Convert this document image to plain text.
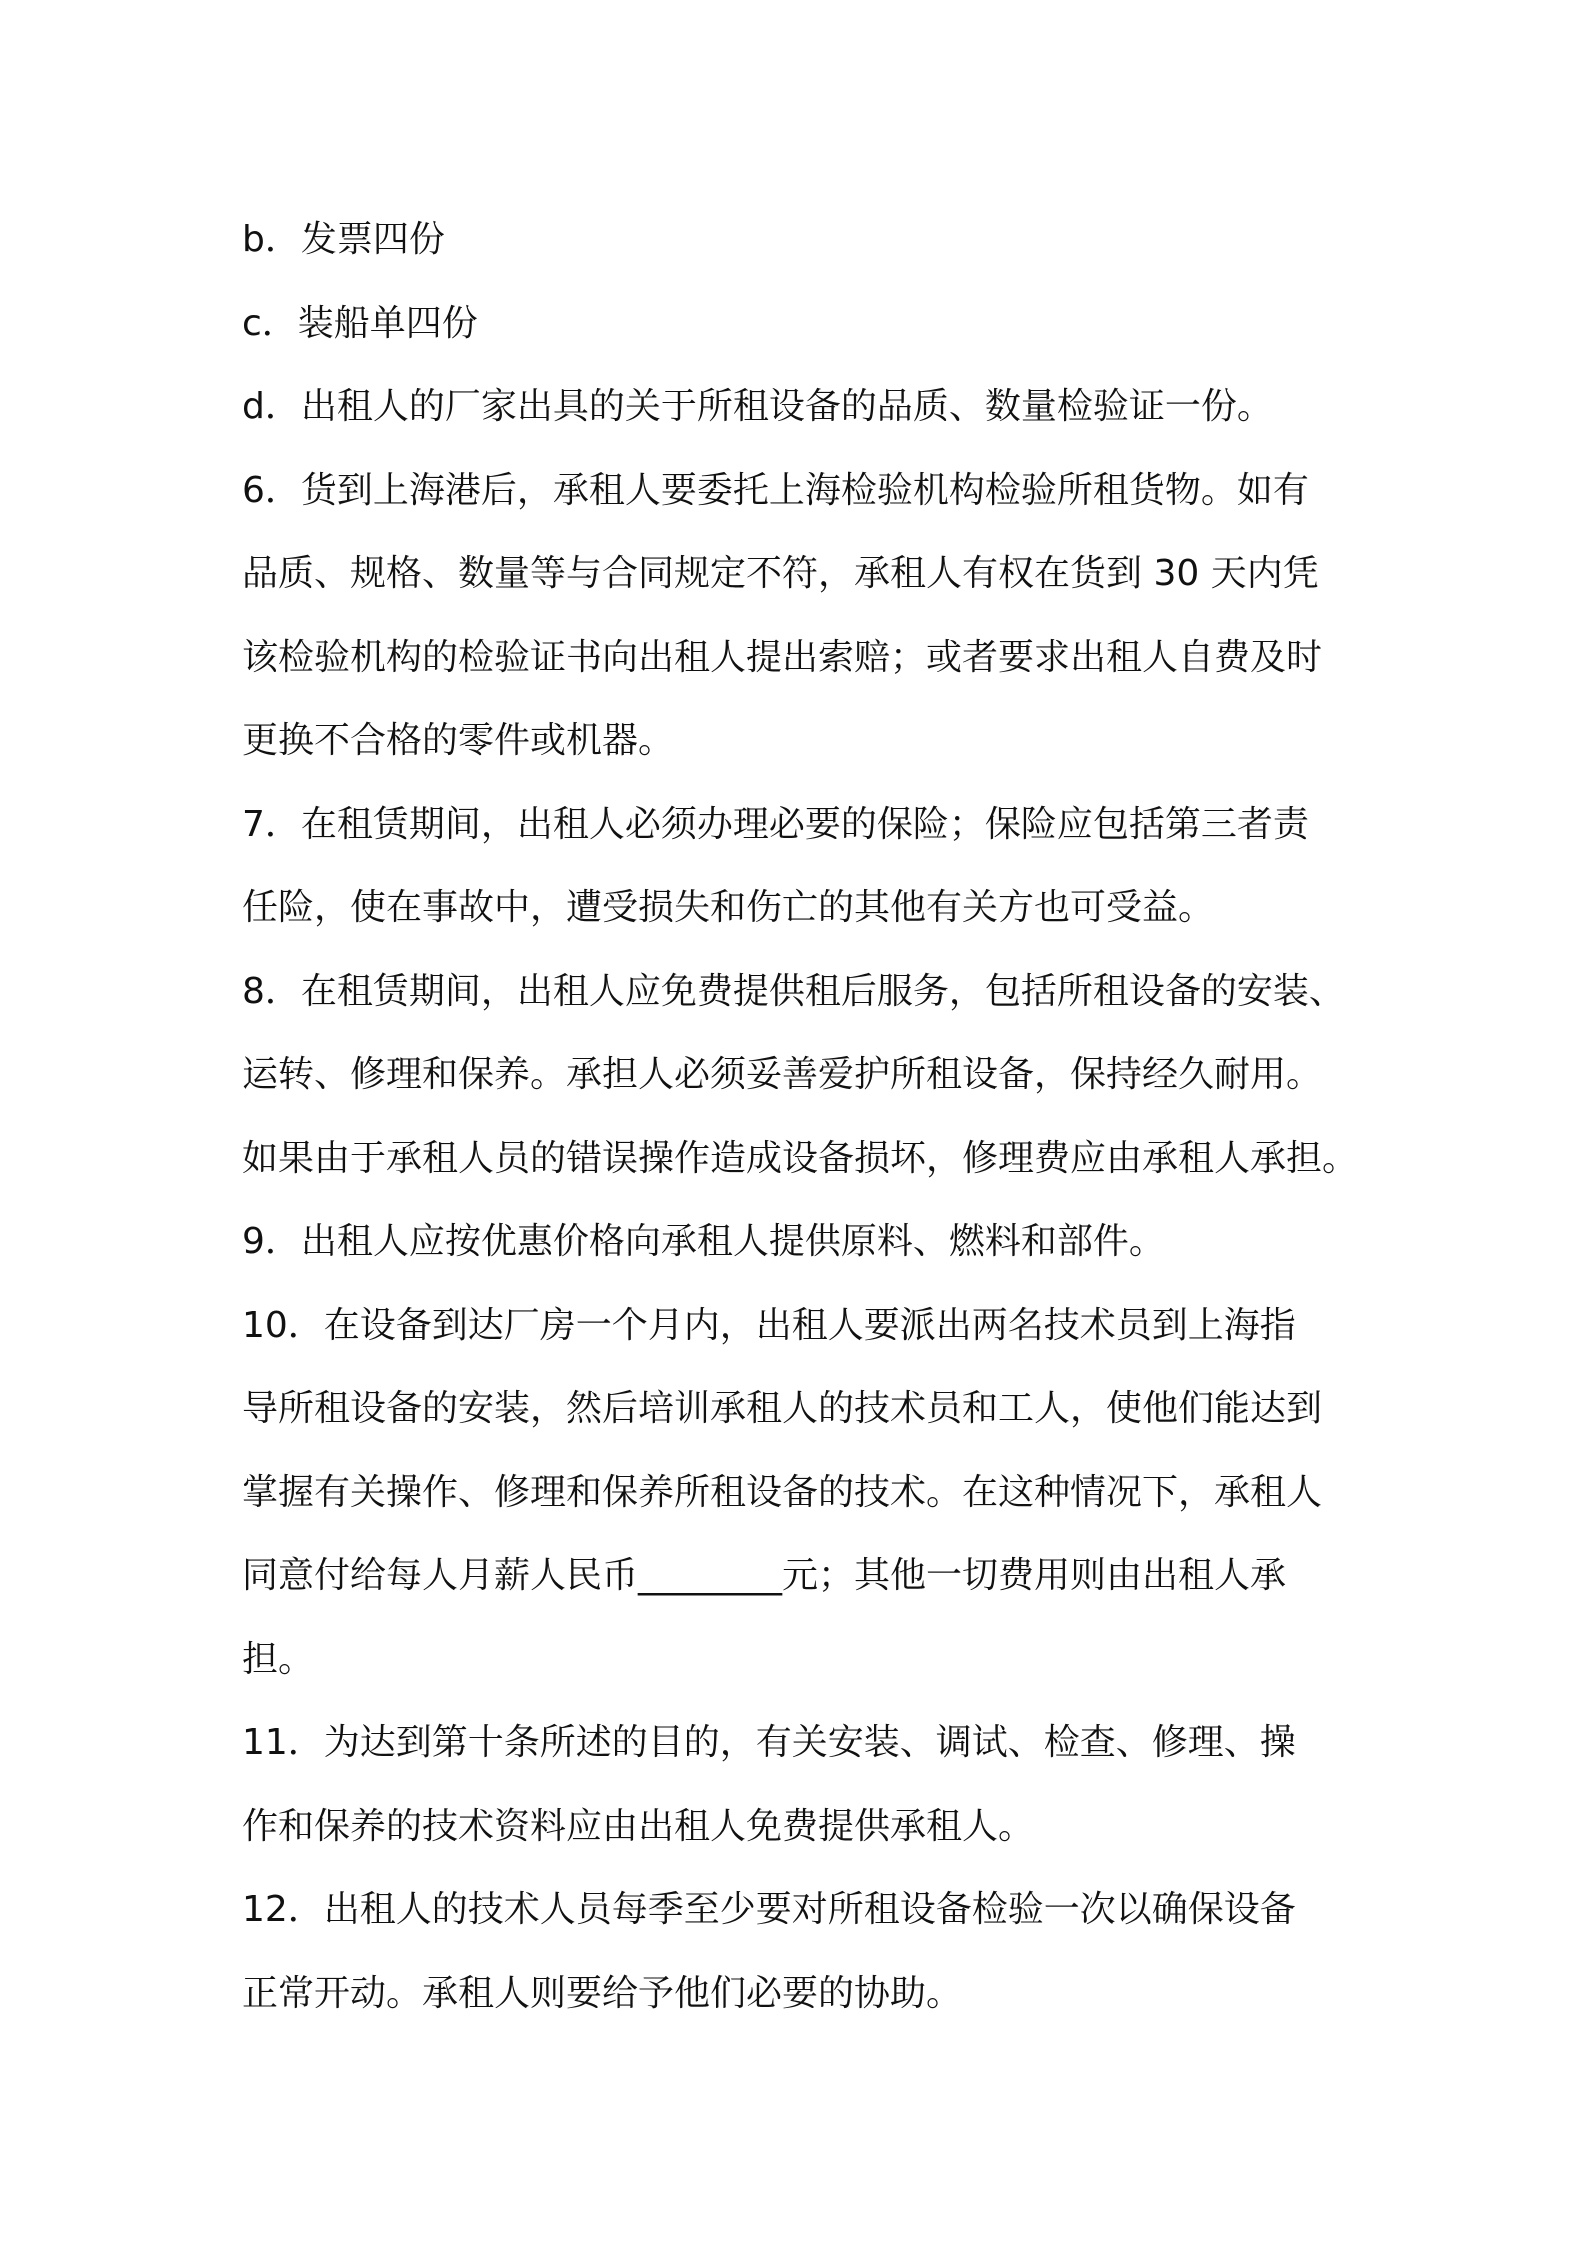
b．发票四份
c．装船单四份
d．出租人的厂家出具的关于所租设备的品质、数量检验证一份。
6．货到上海港后，承租人要委托上海检验机构检验所租货物。如有
品质、规格、数量等与合同规定不符，承租人有权在货到 30 天内凭
该检验机构的检验证书向出租人提出索赔；或者要求出租人自费及时
更换不合格的零件或机器。
7．在租赁期间，出租人必须办理必要的保险；保险应包括第三者责
任险，使在事故中，遭受损失和伤亡的其他有关方也可受益。
8．在租赁期间，出租人应免费提供租后服务，包括所租设备的安装、
运转、修理和保养。承担人必须妥善爱护所租设备，保持经久耐用。
如果由于承租人员的错误操作造成设备损坏，修理费应由承租人承担。
9．出租人应按优惠价格向承租人提供原料、燃料和部件。
10．在设备到达厂房一个月内，出租人要派出两名技术员到上海指
导所租设备的安装，然后培训承租人的技术员和工人，使他们能达到
掌握有关操作、修理和保养所租设备的技术。在这种情况下，承租人
同意付给每人月薪人民币________元；其他一切费用则由出租人承
担。
11．为达到第十条所述的目的，有关安装、调试、检查、修理、操
作和保养的技术资料应由出租人免费提供承租人。
12．出租人的技术人员每季至少要对所租设备检验一次以确保设备
正常开动。承租人则要给予他们必要的协助。
